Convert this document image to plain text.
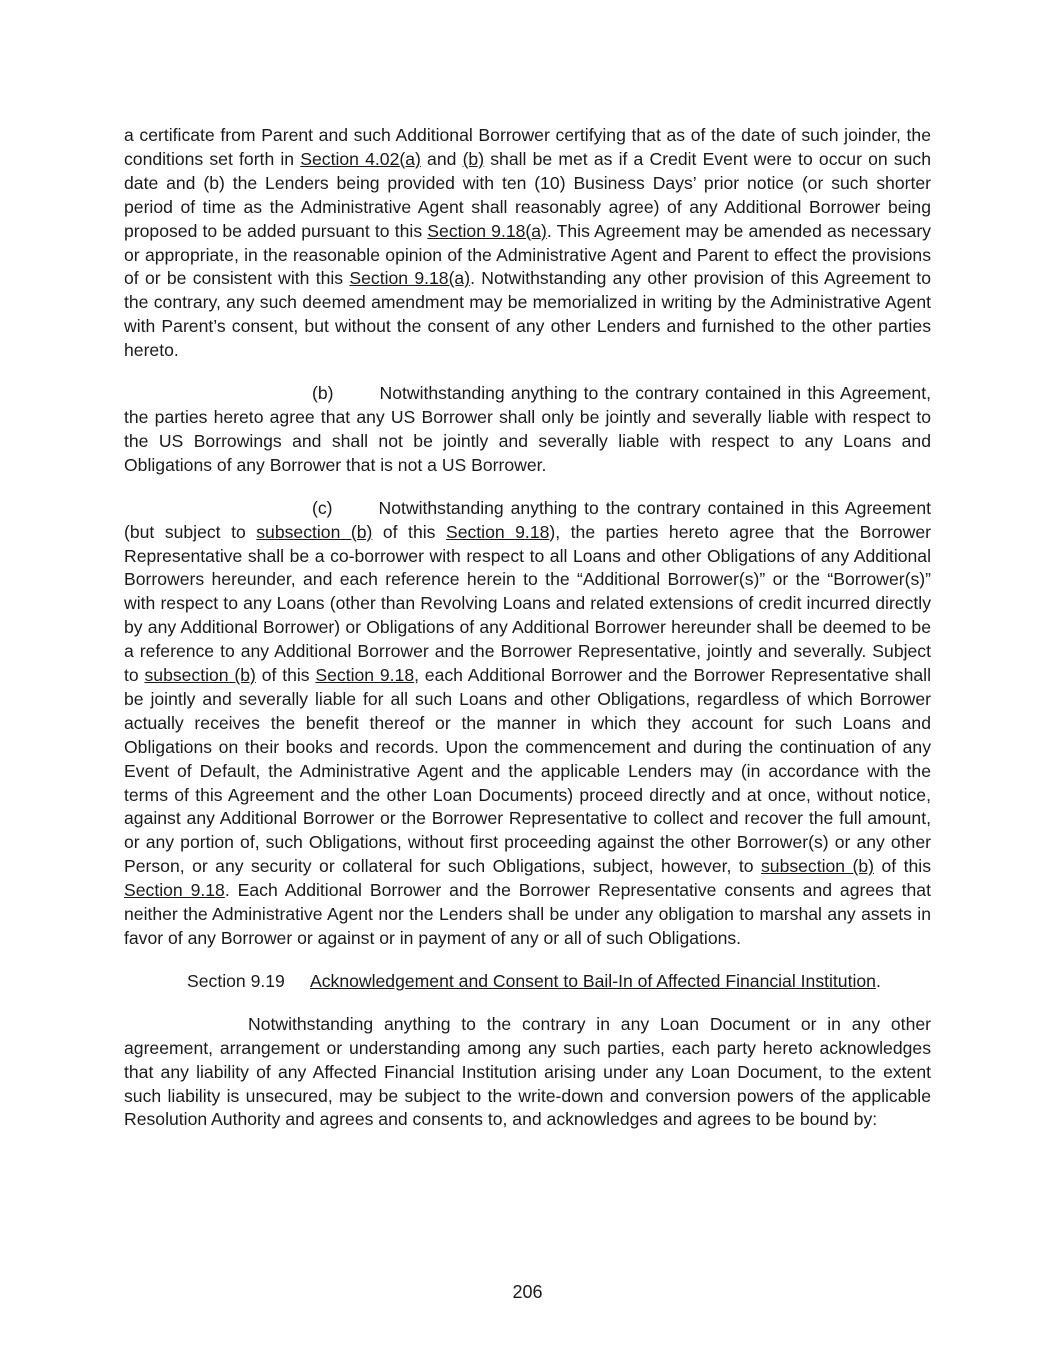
a certificate from Parent and such Additional Borrower certifying that as of the date of such joinder, the conditions set forth in Section 4.02(a) and (b) shall be met as if a Credit Event were to occur on such date and (b) the Lenders being provided with ten (10) Business Days’ prior notice (or such shorter period of time as the Administrative Agent shall reasonably agree) of any Additional Borrower being proposed to be added pursuant to this Section 9.18(a). This Agreement may be amended as necessary or appropriate, in the reasonable opinion of the Administrative Agent and Parent to effect the provisions of or be consistent with this Section 9.18(a). Notwithstanding any other provision of this Agreement to the contrary, any such deemed amendment may be memorialized in writing by the Administrative Agent with Parent’s consent, but without the consent of any other Lenders and furnished to the other parties hereto.

(b)	Notwithstanding anything to the contrary contained in this Agreement, the parties hereto agree that any US Borrower shall only be jointly and severally liable with respect to the US Borrowings and shall not be jointly and severally liable with respect to any Loans and Obligations of any Borrower that is not a US Borrower.

(c)	Notwithstanding anything to the contrary contained in this Agreement (but subject to subsection (b) of this Section 9.18), the parties hereto agree that the Borrower Representative shall be a co-borrower with respect to all Loans and other Obligations of any Additional Borrowers hereunder, and each reference herein to the “Additional Borrower(s)” or the “Borrower(s)” with respect to any Loans (other than Revolving Loans and related extensions of credit incurred directly by any Additional Borrower) or Obligations of any Additional Borrower hereunder shall be deemed to be a reference to any Additional Borrower and the Borrower Representative, jointly and severally. Subject to subsection (b) of this Section 9.18, each Additional Borrower and the Borrower Representative shall be jointly and severally liable for all such Loans and other Obligations, regardless of which Borrower actually receives the benefit thereof or the manner in which they account for such Loans and Obligations on their books and records. Upon the commencement and during the continuation of any Event of Default, the Administrative Agent and the applicable Lenders may (in accordance with the terms of this Agreement and the other Loan Documents) proceed directly and at once, without notice, against any Additional Borrower or the Borrower Representative to collect and recover the full amount, or any portion of, such Obligations, without first proceeding against the other Borrower(s) or any other Person, or any security or collateral for such Obligations, subject, however, to subsection (b) of this Section 9.18. Each Additional Borrower and the Borrower Representative consents and agrees that neither the Administrative Agent nor the Lenders shall be under any obligation to marshal any assets in favor of any Borrower or against or in payment of any or all of such Obligations.

Section 9.19 Acknowledgement and Consent to Bail-In of Affected Financial Institution.

Notwithstanding anything to the contrary in any Loan Document or in any other agreement, arrangement or understanding among any such parties, each party hereto acknowledges that any liability of any Affected Financial Institution arising under any Loan Document, to the extent such liability is unsecured, may be subject to the write-down and conversion powers of the applicable Resolution Authority and agrees and consents to, and acknowledges and agrees to be bound by:

206
